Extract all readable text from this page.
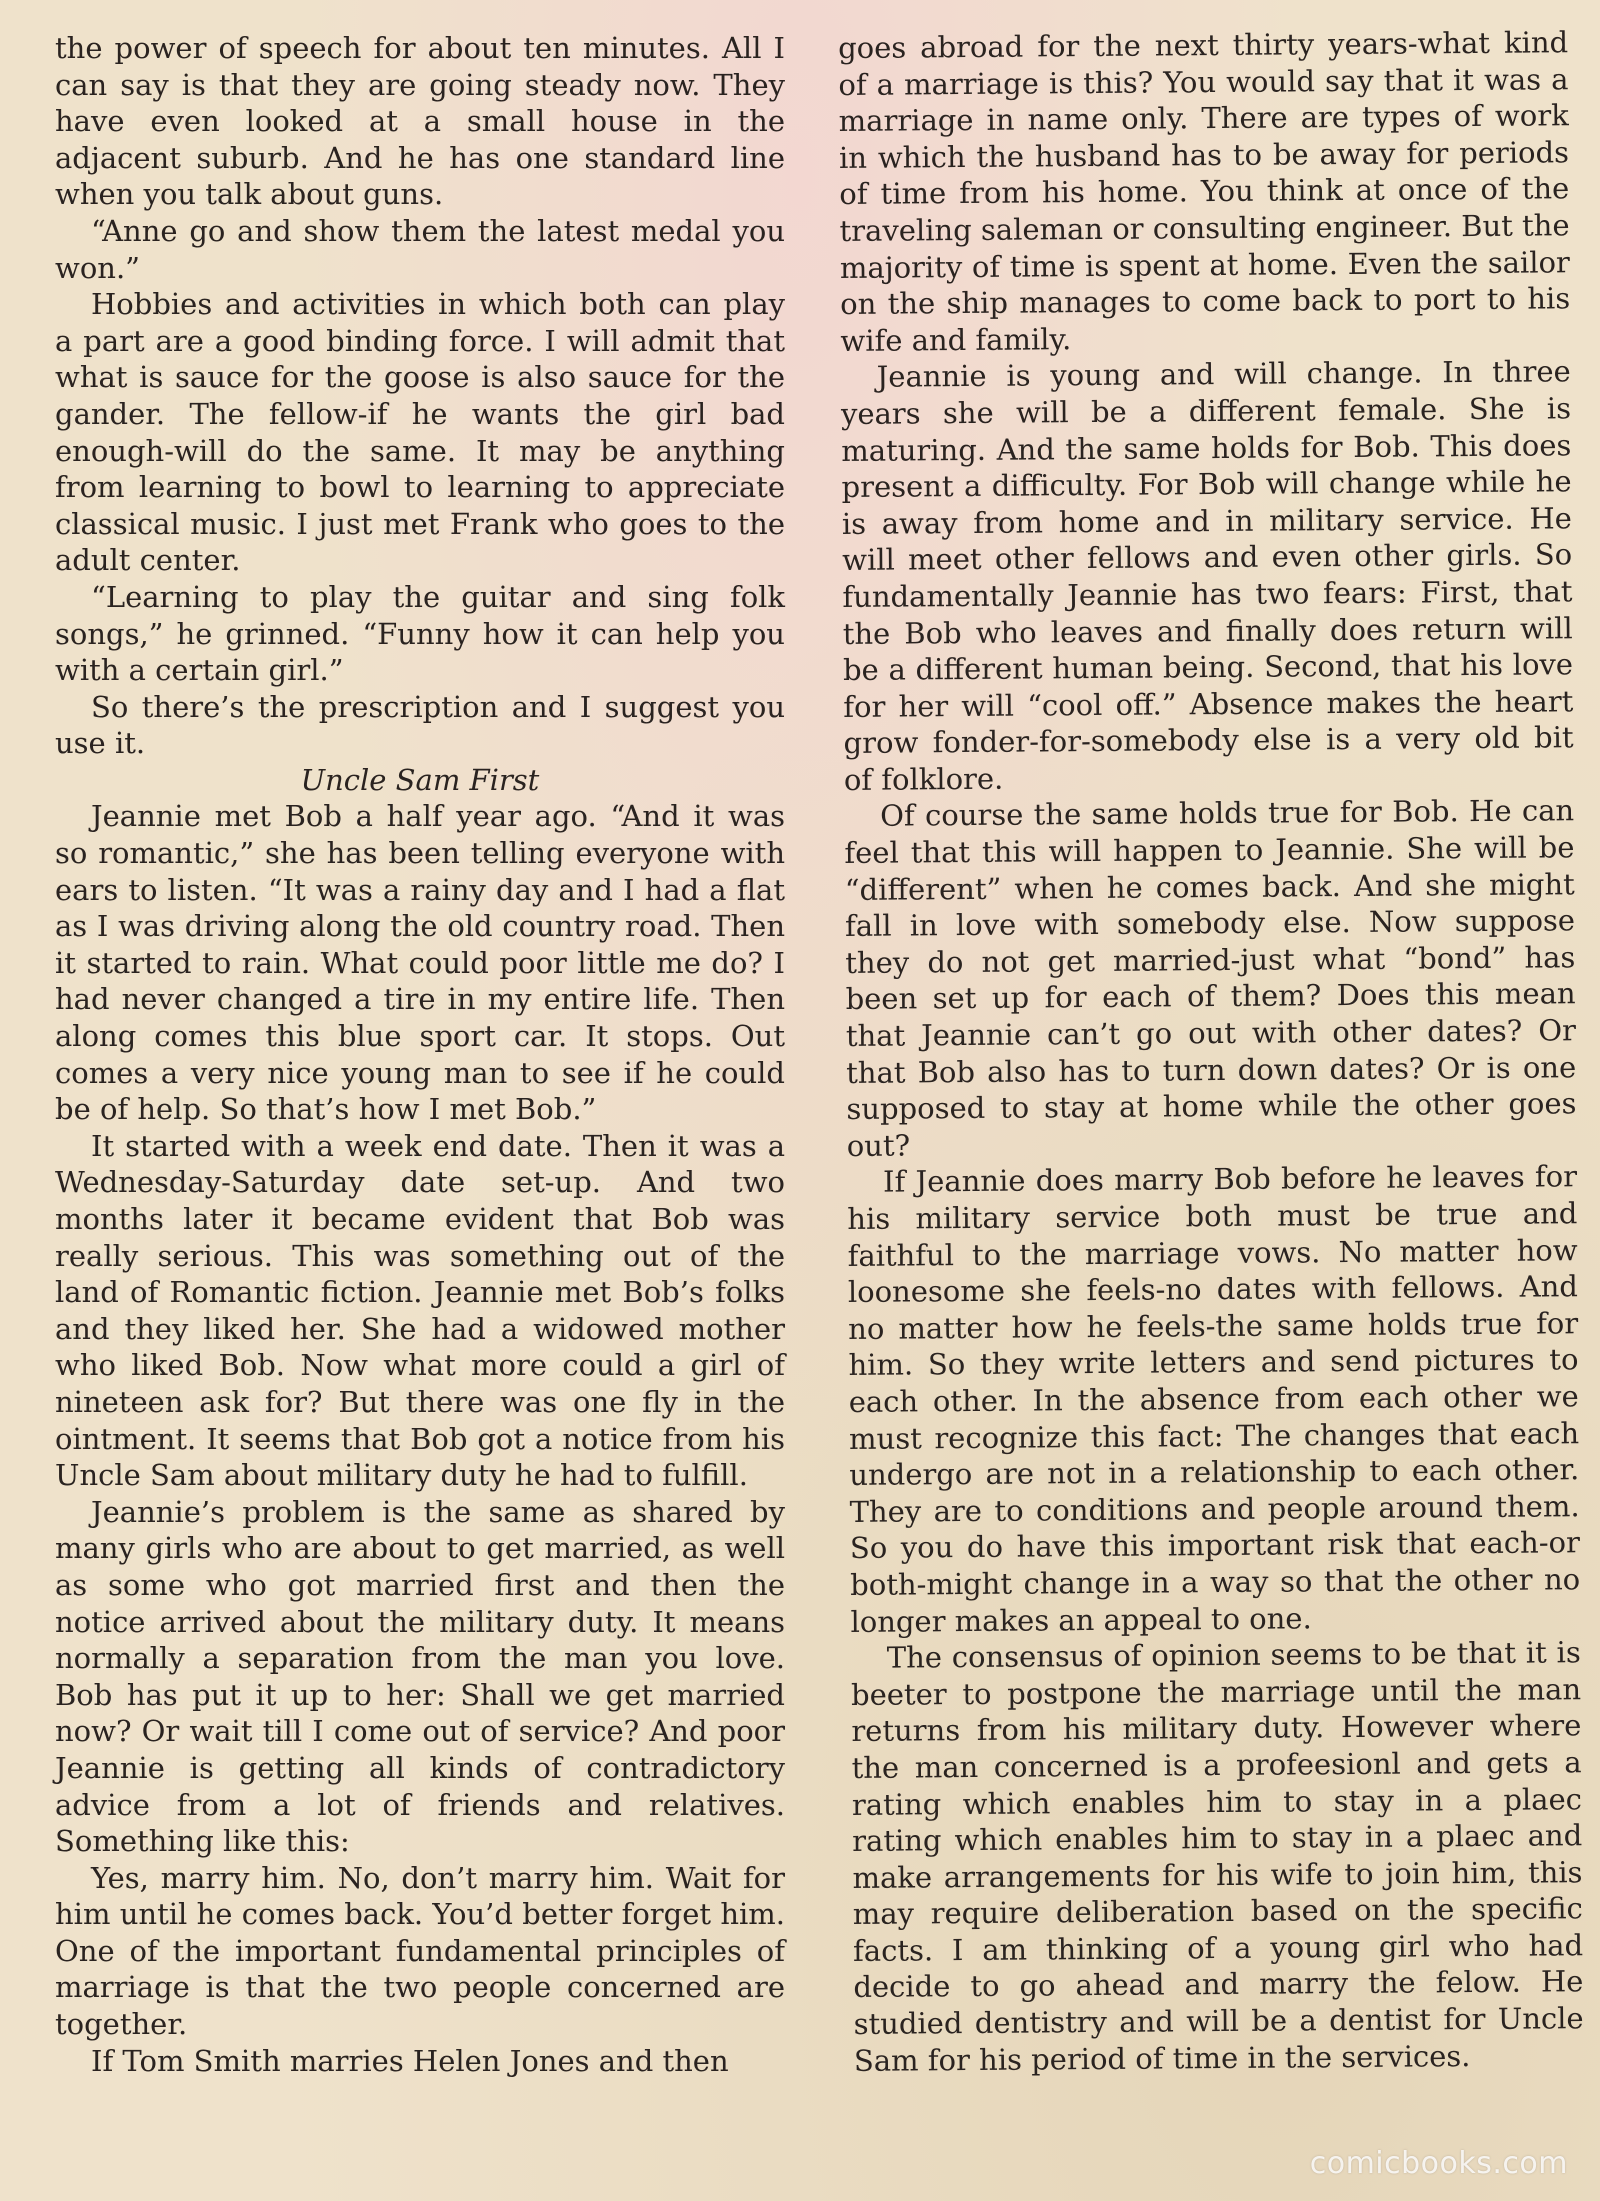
the power of speech for about ten minutes. All I can say is that they are going steady now. They have even looked at a small house in the adjacent suburb. And he has one standard line when you talk about guns.

“Anne go and show them the latest medal you won.”

Hobbies and activities in which both can play a part are a good binding force. I will admit that what is sauce for the goose is also sauce for the gander. The fellow-if he wants the girl bad enough-will do the same. It may be anything from learning to bowl to learning to appreciate classical music. I just met Frank who goes to the adult center.

“Learning to play the guitar and sing folk songs,” he grinned. “Funny how it can help you with a certain girl.”

So there’s the prescription and I suggest you use it.

Uncle Sam First

Jeannie met Bob a half year ago. “And it was so romantic,” she has been telling everyone with ears to listen. “It was a rainy day and I had a flat as I was driving along the old country road. Then it started to rain. What could poor little me do? I had never changed a tire in my entire life. Then along comes this blue sport car. It stops. Out comes a very nice young man to see if he could be of help. So that’s how I met Bob.”

It started with a week end date. Then it was a Wednesday-Saturday date set-up. And two months later it became evident that Bob was really serious. This was something out of the land of Romantic fiction. Jeannie met Bob’s folks and they liked her. She had a widowed mother who liked Bob. Now what more could a girl of nineteen ask for? But there was one fly in the ointment. It seems that Bob got a notice from his Uncle Sam about military duty he had to fulfill.

Jeannie’s problem is the same as shared by many girls who are about to get married, as well as some who got married first and then the notice arrived about the military duty. It means normally a separation from the man you love. Bob has put it up to her: Shall we get married now? Or wait till I come out of service? And poor Jeannie is getting all kinds of contradictory advice from a lot of friends and relatives. Something like this:

Yes, marry him. No, don’t marry him. Wait for him until he comes back. You’d better forget him. One of the important fundamental principles of marriage is that the two people concerned are together.

If Tom Smith marries Helen Jones and then

goes abroad for the next thirty years-what kind of a marriage is this? You would say that it was a marriage in name only. There are types of work in which the husband has to be away for periods of time from his home. You think at once of the traveling saleman or consulting engineer. But the majority of time is spent at home. Even the sailor on the ship manages to come back to port to his wife and family.

Jeannie is young and will change. In three years she will be a different female. She is maturing. And the same holds for Bob. This does present a difficulty. For Bob will change while he is away from home and in military service. He will meet other fellows and even other girls. So fundamentally Jeannie has two fears: First, that the Bob who leaves and finally does return will be a different human being. Second, that his love for her will “cool off.” Absence makes the heart grow fonder-for-somebody else is a very old bit of folklore.

Of course the same holds true for Bob. He can feel that this will happen to Jeannie. She will be “different” when he comes back. And she might fall in love with somebody else. Now suppose they do not get married-just what “bond” has been set up for each of them? Does this mean that Jeannie can’t go out with other dates? Or that Bob also has to turn down dates? Or is one supposed to stay at home while the other goes out?

If Jeannie does marry Bob before he leaves for his military service both must be true and faithful to the marriage vows. No matter how loonesome she feels-no dates with fellows. And no matter how he feels-the same holds true for him. So they write letters and send pictures to each other. In the absence from each other we must recognize this fact: The changes that each undergo are not in a relationship to each other. They are to conditions and people around them. So you do have this important risk that each-or both-might change in a way so that the other no longer makes an appeal to one.

The consensus of opinion seems to be that it is beeter to postpone the marriage until the man returns from his military duty. However where the man concerned is a profeesionl and gets a rating which enables him to stay in a plaec rating which enables him to stay in a plaec and make arrangements for his wife to join him, this may require deliberation based on the specific facts. I am thinking of a young girl who had decide to go ahead and marry the felow. He studied dentistry and will be a dentist for Uncle Sam for his period of time in the services.

comicbooks.com
